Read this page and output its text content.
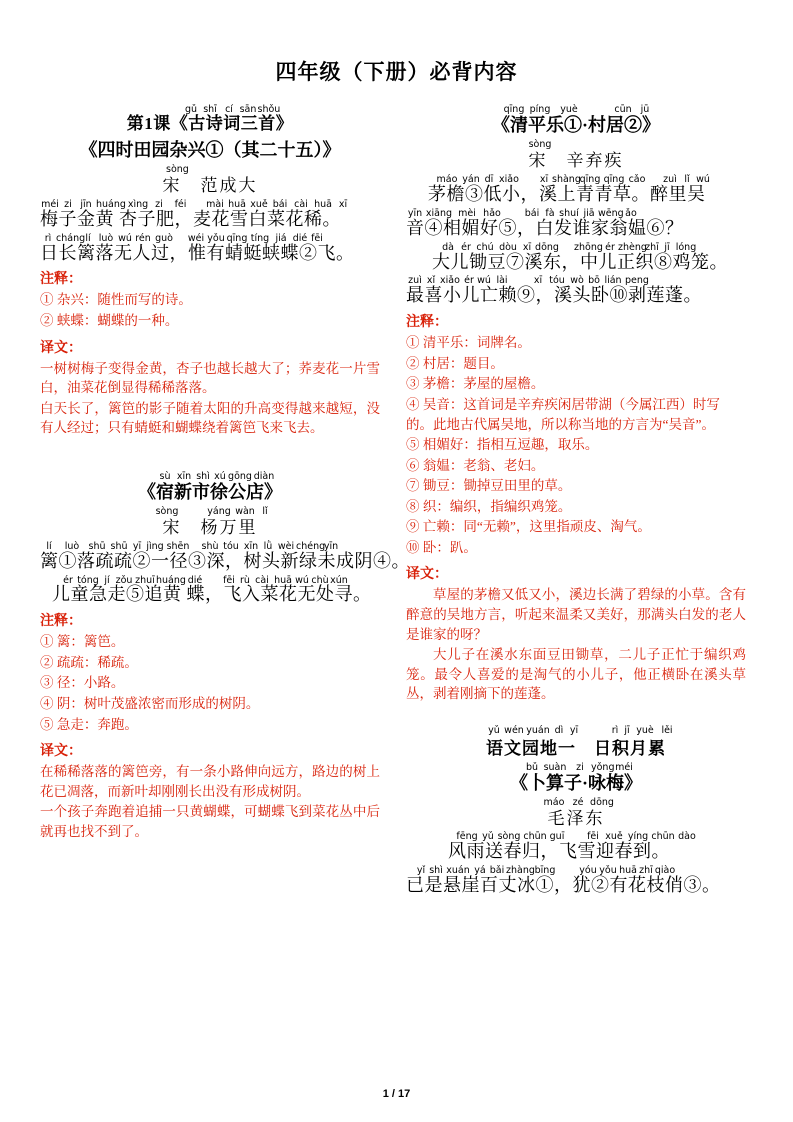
四年级（下册）必背内容
gǔ shī cí sān shǒu
第1课《古诗词三首》
《四时田园杂兴①（其二十五）》
sòng
宋　范成大
méi zi jīn huáng xìng zi	féi	mài huā xuě bái cài huā xī
梅子金黄 杏子肥，麦花雪白菜花稀。
rì cháng lí luò wú rén guò	wéi yǒu qīng tíng jiá dié fēi
日长篱落无人过，惟有蜻蜓蛱蝶②飞。
注释：
① 杂兴：随性而写的诗。
② 蛱蝶：蝴蝶的一种。
译文：
一树树梅子变得金黄，杏子也越长越大了；荞麦花一片雪白，油菜花倒显得稀稀落落。
白天长了，篱笆的影子随着太阳的升高变得越来越短，没有人经过；只有蜻蜓和蝴蝶绕着篱笆飞来飞去。
sù xīn shì xú gōng diàn
《宿新市徐公店》
sòng	yáng wàn lǐ
宋　杨万里
lí	luò shū shū yī jìng shēn shù tóu xīn lǜ wèi chéng
yīn
篱①落疏疏②一径③深，树头新绿未成阴④。
ér tóng jí zǒu zhuī huáng dié	fēi rù cài huā wú chù xún
儿童急走⑤追黄 蝶，飞入菜花无处寻。
注释：
① 篱：篱笆。
② 疏疏：稀疏。
③ 径：小路。
④ 阴：树叶茂盛浓密而形成的树阴。
⑤ 急走：奔跑。
译文：
在稀稀落落的篱笆旁，有一条小路伸向远方，路边的树上花已凋落，而新叶却刚刚长出没有形成树阴。
一个孩子奔跑着追捕一只黄蝴蝶，可蝴蝶飞到菜花丛中后就再也找不到了。
qīng píng	yuè	cūn jū
《清平乐①·村居②》
sòng
宋　辛弃疾
máo yán dī xiǎo	xī shàng
qīng qīng cǎo	zuì lǐ wú
茅檐③低小，溪上青青草。醉里吴
yīn xiāng mèi hǎo	bái fà shuí jiā wēng ǎo
音④相媚好⑤，白发谁家翁媪⑥？
dà ér chú dòu xī dōng zhōng ér zhèng
zhī jī lóng
大儿锄豆⑦溪东，中儿正织⑧鸡笼。
zuì xǐ xiǎo ér wú lài	xī tóu wò bō lián peng
最喜小儿亡赖⑨，溪头卧⑩剥莲蓬。
注释：
① 清平乐：词牌名。
② 村居：题目。
③ 茅檐：茅屋的屋檐。
④ 吴音：这首词是辛弃疾闲居带湖（今属江西）时写的。此地古代属吴地，所以称当地的方言为“吴音”。
⑤ 相媚好：指相互逗趣，取乐。
⑥ 翁媪：老翁、老妇。
⑦ 锄豆：锄掉豆田里的草。
⑧ 织：编织，指编织鸡笼。
⑨ 亡赖：同“无赖”，这里指顽皮、淘气。
⑩ 卧：趴。
译文：
草屋的茅檐又低又小，溪边长满了碧绿的小草。含有醉意的吴地方言，听起来温柔又美好，那满头白发的老人是谁家的呀？
大儿子在溪水东面豆田锄草，二儿子正忙于编织鸡笼。最令人喜爱的是淘气的小儿子，他正横卧在溪头草丛，剥着刚摘下的莲蓬。
yǔ wén yuán dì yī	rì jī yuè lěi
语文园地一　日积月累
bǔ suàn	zi yǒng méi
《卜算子·咏梅》
máo zé dōng
毛泽东
fēng yǔ sòng chūn guī	fēi xuě yíng chūn dào
风雨送春归，飞雪迎春到。
yǐ shì xuán yá bǎi zhàng bīng	yóu yǒu huā zhī qiào
已是悬崖百丈冰①，犹②有花枝俏③。
1 / 17
